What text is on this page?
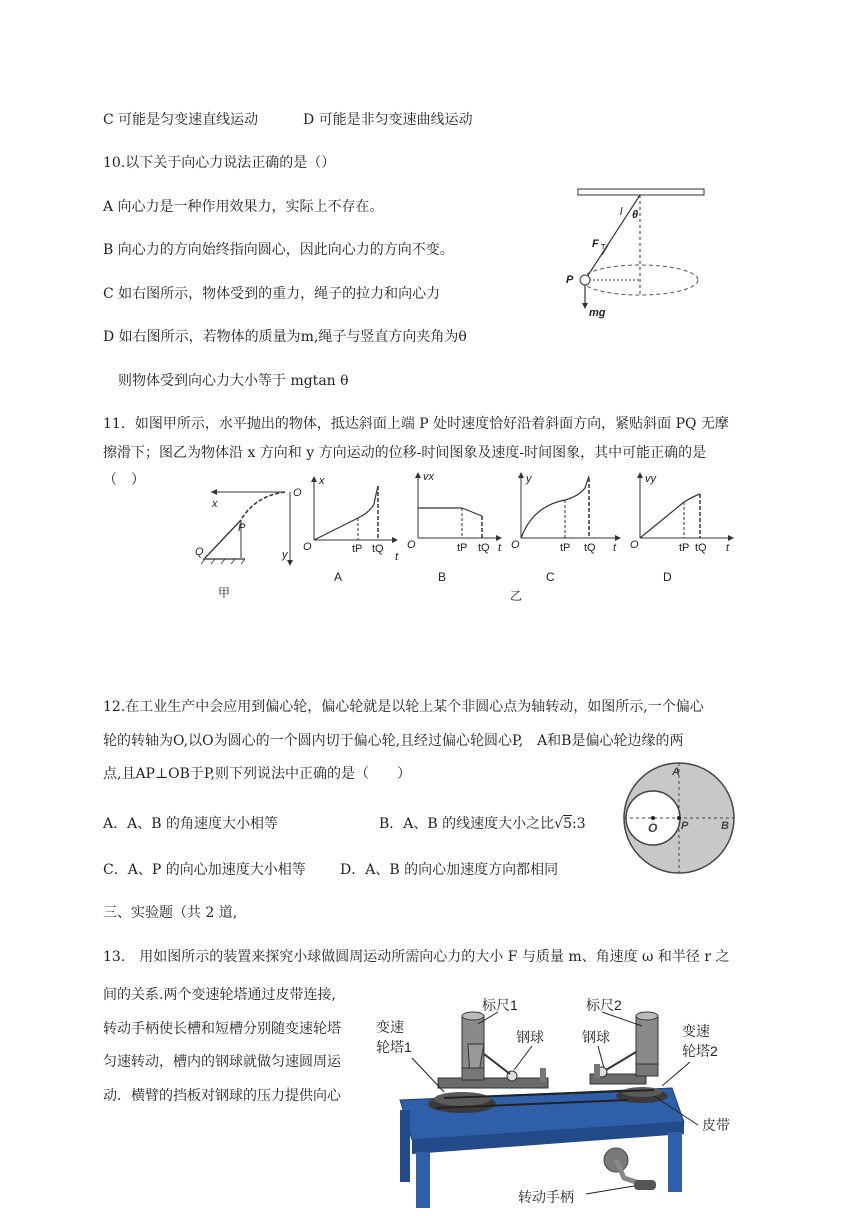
C 可能是匀变速直线运动	D 可能是非匀变速曲线运动
10.以下关于向心力说法正确的是（）
A 向心力是一种作用效果力，实际上不存在。
B 向心力的方向始终指向圆心，因此向心力的方向不变。
C 如右图所示，物体受到的重力，绳子的拉力和向心力
D 如右图所示，若物体的质量为m,绳子与竖直方向夹角为θ
则物体受到向心力大小等于 mgtan θ
θ
l
F T
P
mg
11．如图甲所示，水平抛出的物体，抵达斜面上端 P 处时速度恰好沿着斜面方向，紧贴斜面 PQ 无摩
擦滑下；图乙为物体沿 x 方向和 y 方向运动的位移-时间图象及速度-时间图象，其中可能正确的是
（　）
O
x
y
P
Q
甲
x
O	tP tQ
t
A
vx
O	tP tQ t
B
y
O	tP tQ t
C
vy
O	tP tQ t
D
乙
12.在工业生产中会应用到偏心轮，偏心轮就是以轮上某个非圆心点为轴转动，如图所示,一个偏心
轮的转轴为O,以O为圆心的一个圆内切于偏心轮,且经过偏心轮圆心P,　A和B是偏心轮边缘的两
点,且AP⊥OB于P,则下列说法中正确的是（　　）
A．A、B 的角速度大小相等	B．A、B 的线速度大小之比√5:3
C．A、P 的向心加速度大小相等 D．A、B 的向心加速度方向都相同
A
O P	B
三、实验题（共 2 道,
13.　用如图所示的装置来探究小球做圆周运动所需向心力的大小 F 与质量 m、角速度 ω 和半径 r 之
间的关系.两个变速轮塔通过皮带连接,
转动手柄使长槽和短槽分别随变速轮塔
匀速转动，槽内的钢球就做匀速圆周运
动．横臂的挡板对钢球的压力提供向心
标尺1	标尺2
钢球	钢球
变速
轮塔1
变速
轮塔2
皮带
转动手柄
